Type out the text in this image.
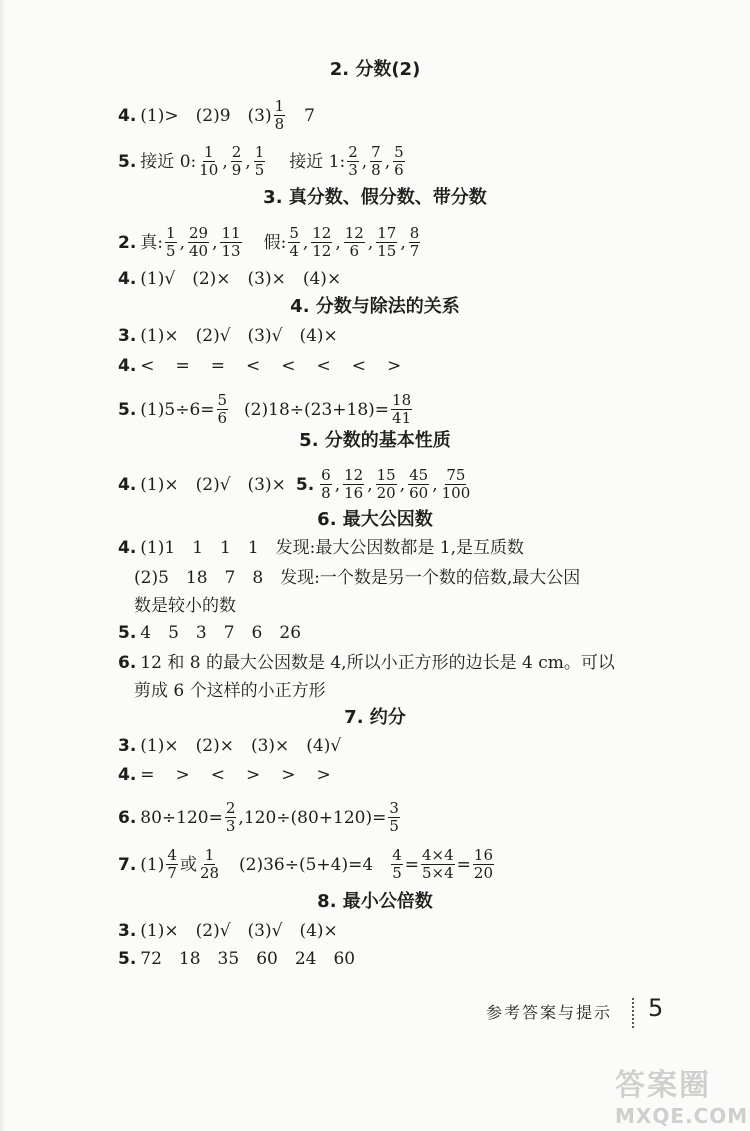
2. 分数(2)
4. (1)>　(2)9　$(3) \frac{1}{8}$ 　7
5. 接近 0: $\frac{1}{10}$ , $\frac{2}{9}$ , $\frac{1}{5}$ 接近 1: $\frac{2}{3}$ , $\frac{7}{8}$ , $\frac{5}{6}$
3. 真分数、假分数、带分数
2. 真: $\frac{1}{5}$ , $\frac{29}{40}$ , $\frac{11}{13}$ 假: $\frac{5}{4}$ , $\frac{12}{12}$ , $\frac{12}{6}$ , $\frac{17}{15}$ , $\frac{8}{7}$
4. (1)√　(2)×　(3)×　(4)×
4. 分数与除法的关系
3. (1)×　(2)√　(3)√　(4)×
4. <　=　=　<　<　<　<　>
5. $(1)5\div 6= \frac{5}{6} (2)18\div(23+18)= \frac{18}{41}$
5. 分数的基本性质
4. (1)×　(2)√　(3)× 5. $\frac{6}{8}$ , $\frac{12}{16}$ , $\frac{15}{20}$ , $\frac{45}{60}$ , $\frac{75}{100}$
6. 最大公因数
4. (1)1　1　1　1　发现:最大公因数都是 1,是互质数
(2)5　18　7　8　发现:一个数是另一个数的倍数,最大公因
数是较小的数
5. 4　5　3　7　6　26
6. 12 和 8 的最大公因数是 4,所以小正方形的边长是 4 cm。可以
剪成 6 个这样的小正方形
7. 约分
3. (1)×　(2)×　(3)×　(4)√
4. =　>　<　>　>　>
6. $80\div 120= \frac{2}{3} ,120\div(80+120)= \frac{3}{5}$
7. $(1) \frac{4}{7}$ 或 $\frac{1}{28}$ 　$(2)36\div(5+4)=4 \frac{4}{5} = \frac{4\times 4}{5\times 4} = \frac{16}{20}$
8. 最小公倍数
3. (1)×　(2)√　(3)√　(4)×
5. 72　18　35　60　24　60
参考答案与提示 5
答案圈
MXQE.COM
